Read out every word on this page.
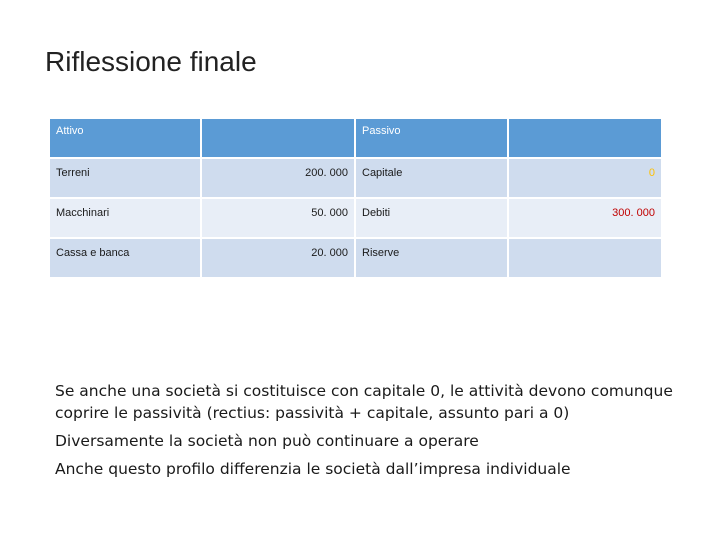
Riflessione finale
Attivo		Passivo	
Terreni	200. 000	Capitale	0
Macchinari	50. 000	Debiti	300. 000
Cassa e banca	20. 000	Riserve	

Se anche una società si costituisce con capitale 0, le attività devono comunque coprire le passività (rectius: passività + capitale, assunto pari a 0)

Diversamente la società non può continuare a operare

Anche questo profilo differenzia le società dall’impresa individuale
